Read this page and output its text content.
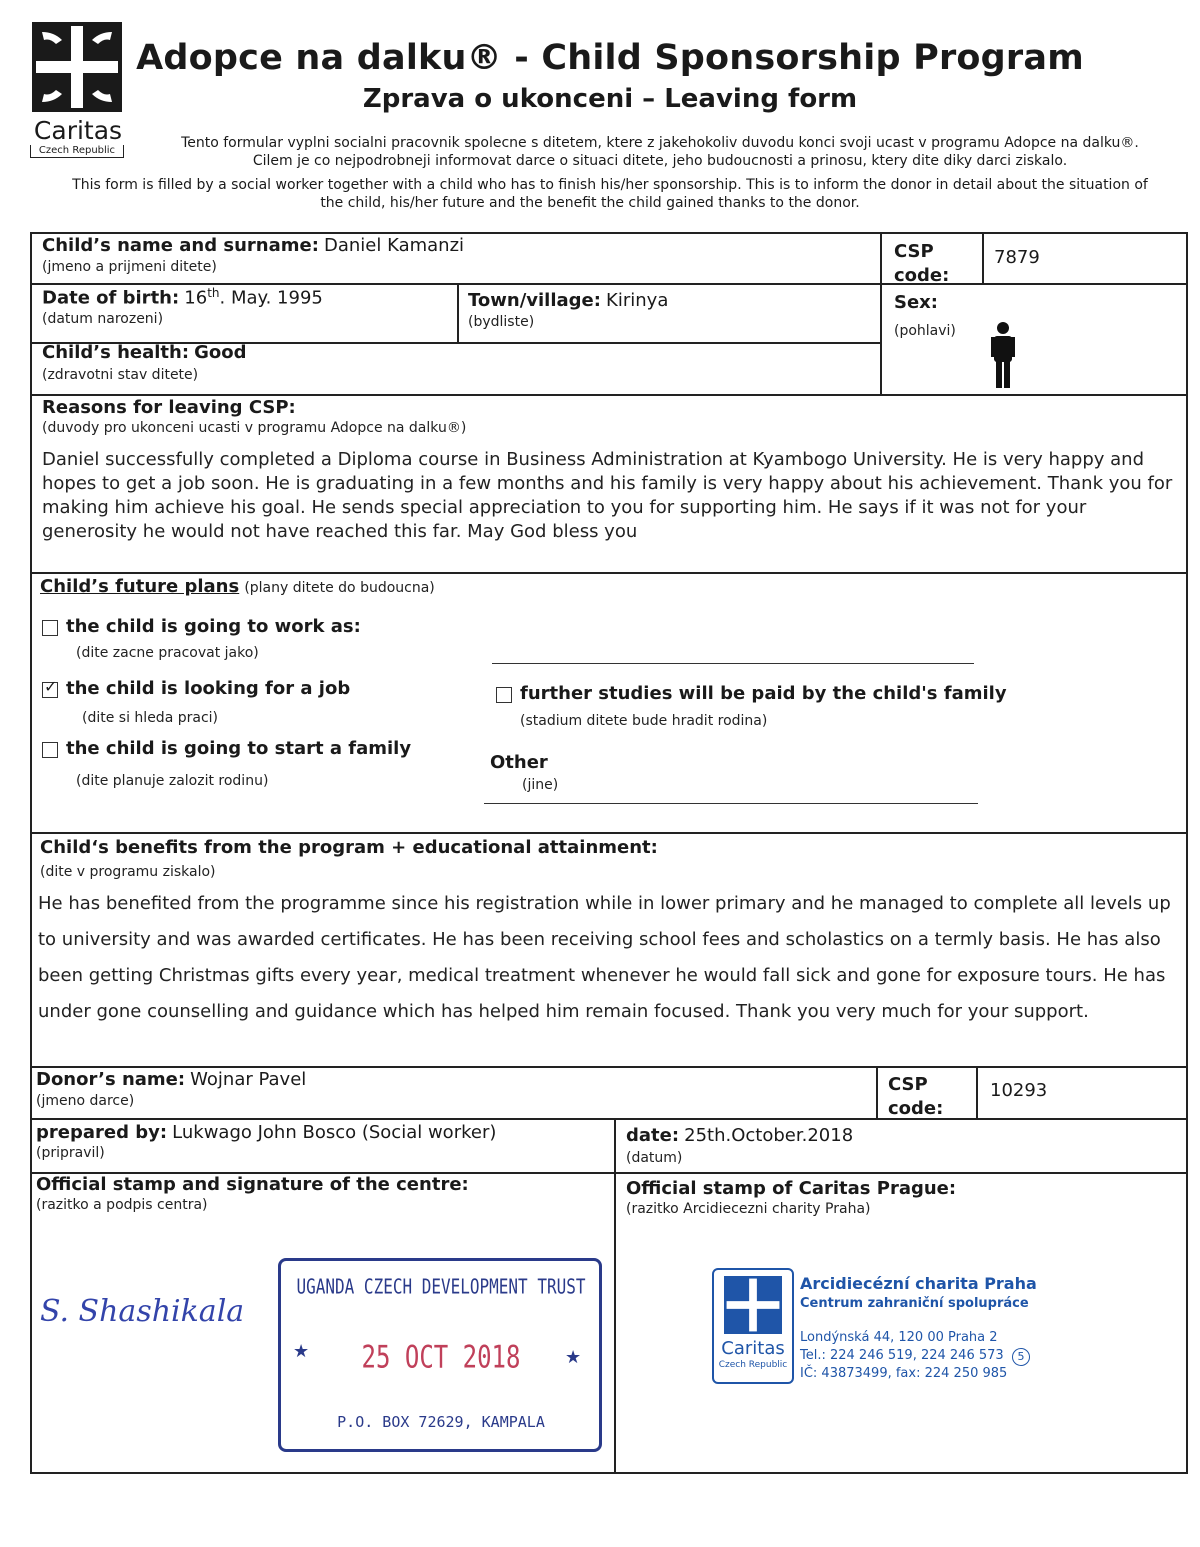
Caritas
Czech Republic
Adopce na dalku® - Child Sponsorship Program
Zprava o ukonceni – Leaving form
Tento formular vyplni socialni pracovnik spolecne s ditetem, ktere z jakehokoliv duvodu konci svoji ucast v programu Adopce na dalku®.
Cilem je co nejpodrobneji informovat darce o situaci ditete, jeho budoucnosti a prinosu, ktery dite diky darci ziskalo.
This form is filled by a social worker together with a child who has to finish his/her sponsorship. This is to inform the donor in detail about the situation of
the child, his/her future and the benefit the child gained thanks to the donor.
Child’s name and surname: Daniel Kamanzi
(jmeno a prijmeni ditete)
CSP
code:
7879
Date of birth: 16th. May. 1995
(datum narozeni)
Town/village: Kirinya
(bydliste)
Sex:
(pohlavi)
Child’s health: Good
(zdravotni stav ditete)
Reasons for leaving CSP:
(duvody pro ukonceni ucasti v programu Adopce na dalku®)
Daniel successfully completed a Diploma course in Business Administration at Kyambogo University. He is very happy and hopes to get a job soon. He is graduating in a few months and his family is very happy about his achievement. Thank you for making him achieve his goal. He sends special appreciation to you for supporting him. He says if it was not for your generosity he would not have reached this far. May God bless you
Child’s future plans (plany ditete do budoucna)
the child is going to work as:
(dite zacne pracovat jako)
✓the child is looking for a job
(dite si hleda praci)
the child is going to start a family
(dite planuje zalozit rodinu)
further studies will be paid by the child's family
(stadium ditete bude hradit rodina)
Other
(jine)
Child‘s benefits from the program + educational attainment:
(dite v programu ziskalo)
He has benefited from the programme since his registration while in lower primary and he managed to complete all levels up to university and was awarded certificates. He has been receiving school fees and scholastics on a termly basis. He has also been getting Christmas gifts every year, medical treatment whenever he would fall sick and gone for exposure tours. He has under gone counselling and guidance which has helped him remain focused. Thank you very much for your support.
Donor’s name: Wojnar Pavel
(jmeno darce)
CSP
code:
10293
prepared by: Lukwago John Bosco (Social worker)
(pripravil)
date: 25th.October.2018
(datum)
Official stamp and signature of the centre:
(razitko a podpis centra)
Official stamp of Caritas Prague:
(razitko Arcidiecezni charity Praha)
S. Shashikala
UGANDA CZECH DEVELOPMENT TRUST
★	★
25 OCT 2018
P.O. BOX 72629, KAMPALA
Caritas
Czech Republic
Arcidiecézní charita Praha
Centrum zahraniční spolupráce
Londýnská 44, 120 00 Praha 2
Tel.: 224 246 519, 224 246 573
IČ: 43873499, fax: 224 250 985
5
